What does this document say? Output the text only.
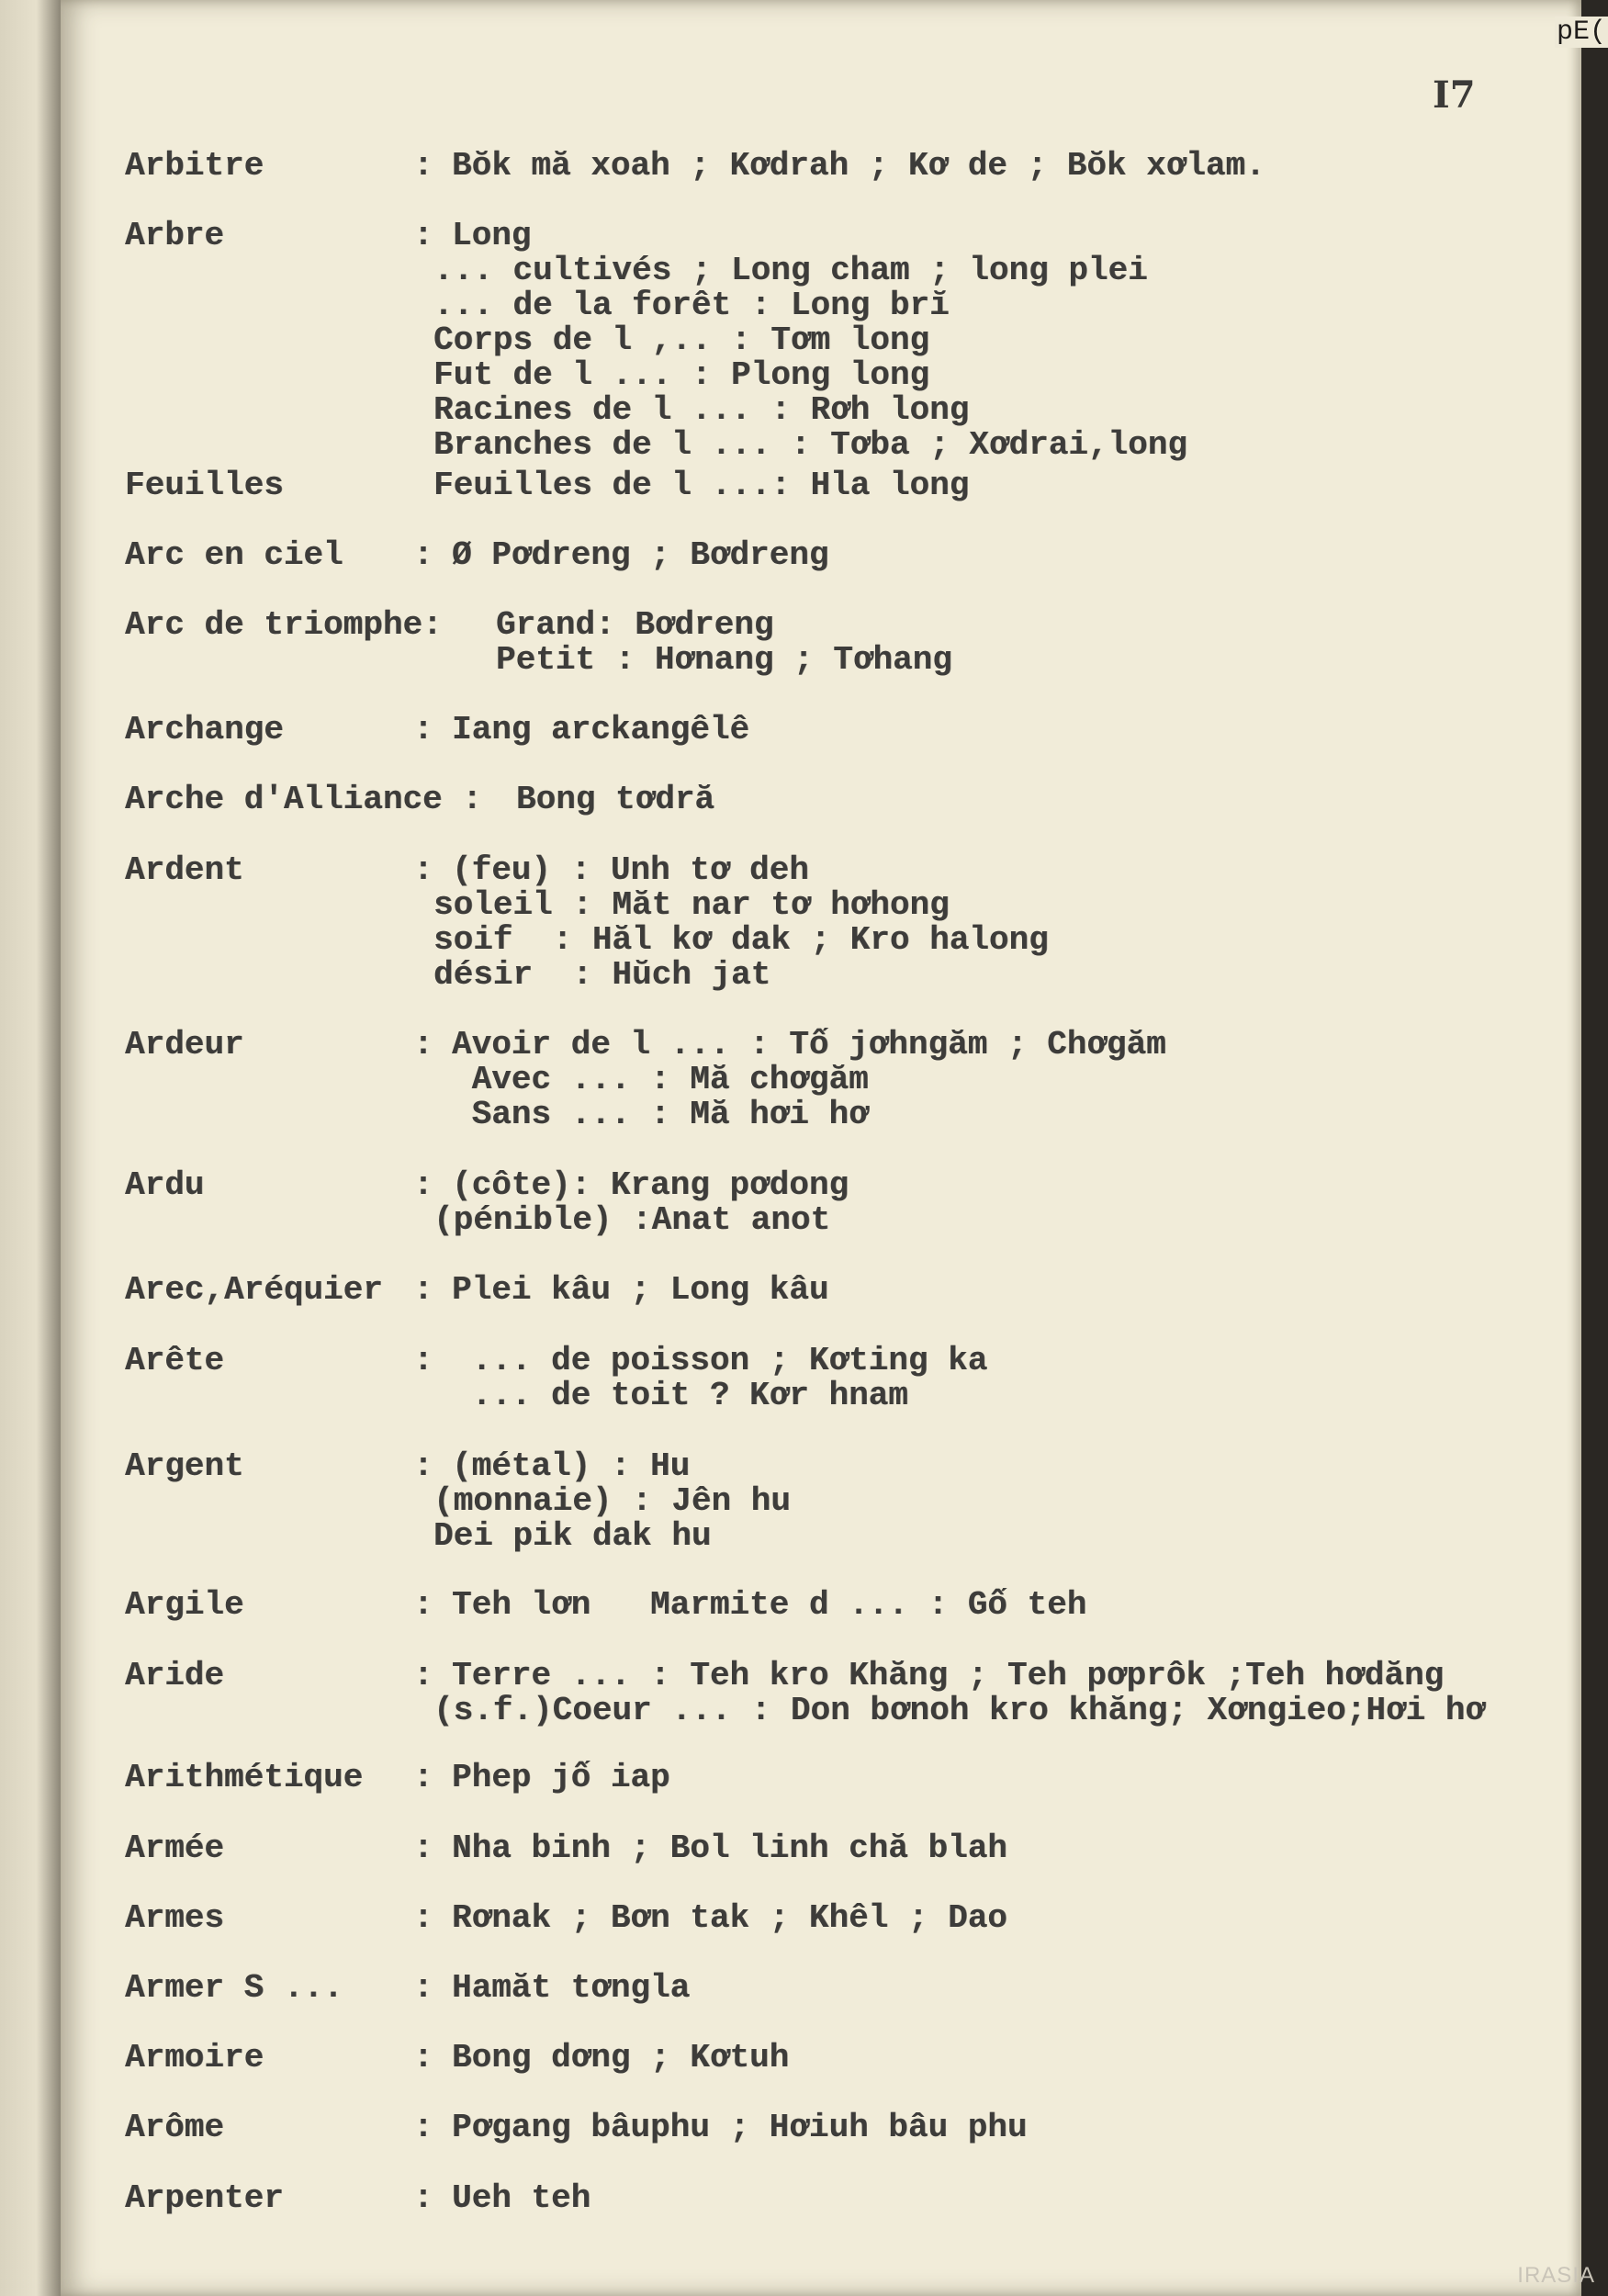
pE(
I7
Arbitre	: Bŏk mă xoah ; Kơdrah ; Kơ de ; Bŏk xơlam.
Arbre	: Long
... cultivés ; Long cham ; long plei
... de la forêt : Long brĭ
Corps de l ,.. : Tơm long
Fut de l ... : Plong long
Racines de l ... : Rơh long
Branches de l ... : Tơba ; Xơdrai,long
Feuilles	Feuilles de l ...: Hla long
Arc en ciel : Ø Pơdreng ; Bơdreng
Arc de triomphe: Grand: Bơdreng
Petit : Hơnang ; Tơhang
Archange	: Iang arckangêlê
Arche d'Alliance : Bong tơdră
Ardent	: (feu) : Unh tơ deh
soleil : Măt nar tơ hơhong
soif  : Hăl kơ dak ; Kro halong
désir  : Hŭch jat
Ardeur	: Avoir de l ... : Tố jơhngăm ; Chơgăm
Avec ... : Mă chơgăm
Sans ... : Mă hơi hơ
Ardu	: (côte): Krang pơdong
(pénible) :Anat anot
Arec,Aréquier : Plei kâu ; Long kâu
Arête	: ... de poisson ; Kơting ka
... de toit ? Kơr hnam
Argent	: (métal) : Hu
(monnaie) : Jên hu
Dei pik dak hu
Argile	: Teh lơn   Marmite d ... : Gố teh
Aride	: Terre ... : Teh kro Khăng ; Teh pơprôk ;Teh hơdăng
(s.f.)Coeur ... : Don bơnoh kro khăng; Xơngieo;Hơi hơ
Arithmétique : Phep jố iap
Armée	: Nha binh ; Bol linh chă blah
Armes	: Rơnak ; Bơn tak ; Khêl ; Dao
Armer S ... : Hamăt tơngla
Armoire	: Bong dơng ; Kơtuh
Arôme	: Pơgang bâuphu ; Hơiuh bâu phu
Arpenter	: Ueh teh
IRASIA
